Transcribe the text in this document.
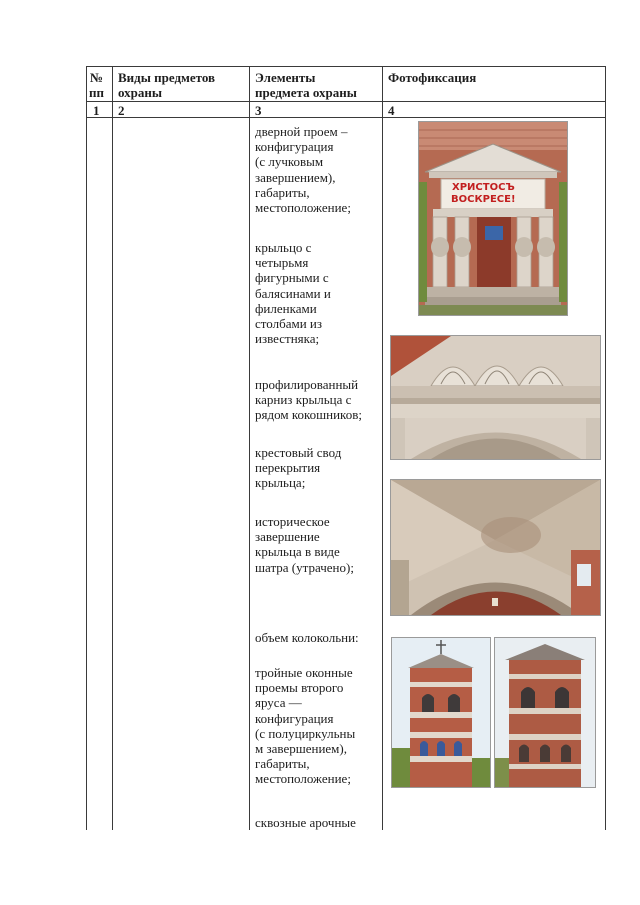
№
пп
Виды предметов
охраны
Элементы
предмета охраны
Фотофиксация
1 2	3	4
дверной проем –
конфигурация
(с лучковым
завершением),
габариты,
местоположение;
крыльцо с
четырьмя
фигурными с
балясинами и
филенками
столбами из
известняка;
профилированный
карниз крыльца с
рядом кокошников;
крестовый свод
перекрытия
крыльца;
историческое
завершение
крыльца в виде
шатра (утрачено);
объем колокольни:
тройные оконные
проемы второго
яруса —
конфигурация
(с полуциркульны
м завершением),
габариты,
местоположение;
сквозные арочные
ХРИСТОСЪ
ВОСКРЕСЕ!
